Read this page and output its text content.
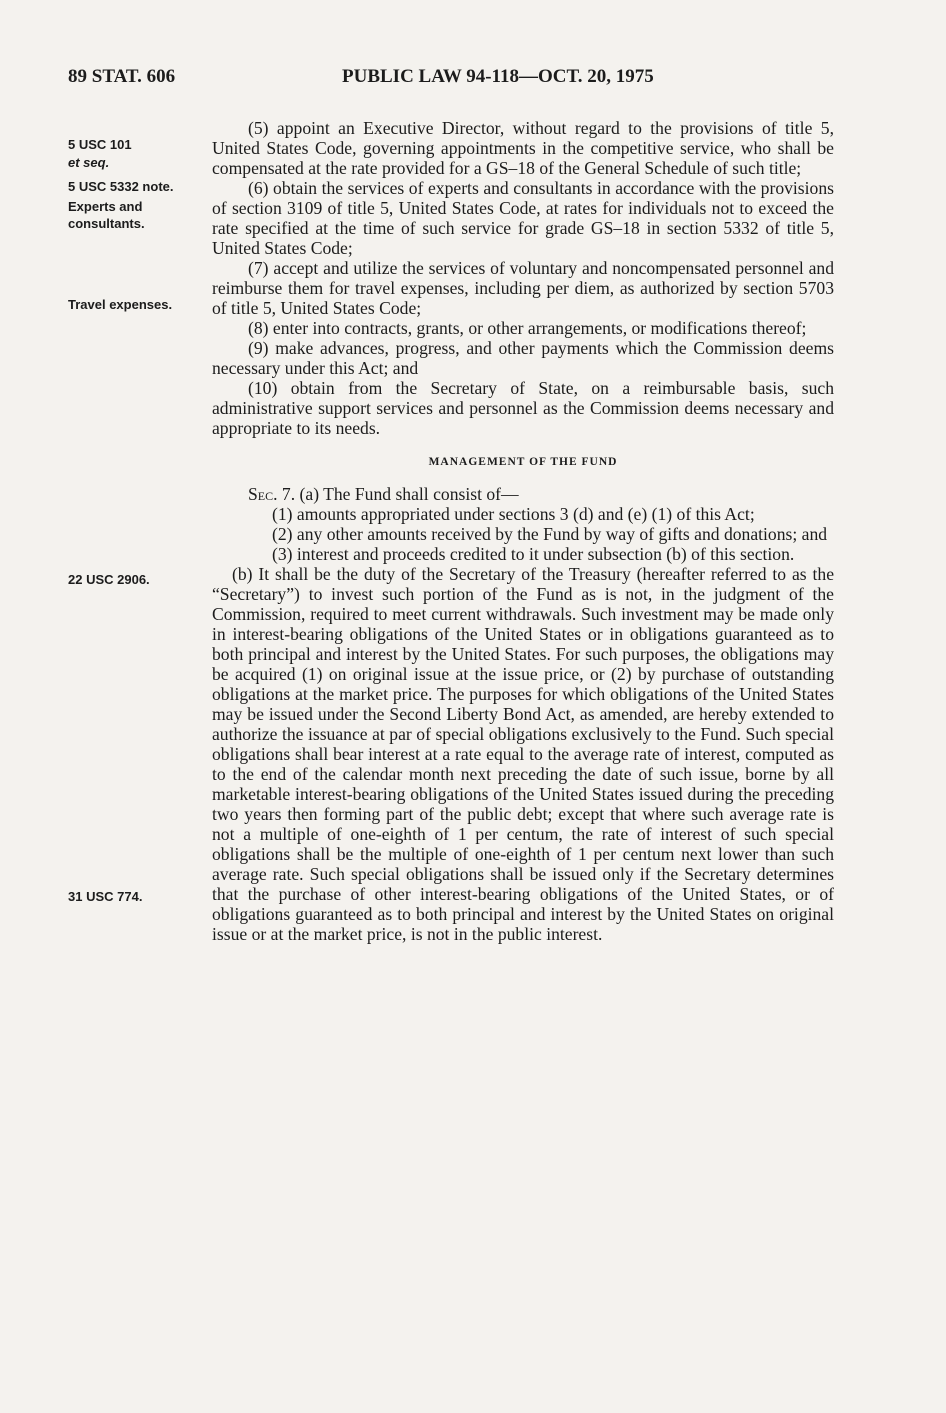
89 STAT. 606	PUBLIC LAW 94-118—OCT. 20, 1975
5 USC 101
et seq.
5 USC 5332 note.
Experts and
consultants.
Travel expenses.
22 USC 2906.
31 USC 774.

(5) appoint an Executive Director, without regard to the provisions of title 5, United States Code, governing appointments in the competitive service, who shall be compensated at the rate provided for a GS–18 of the General Schedule of such title;

(6) obtain the services of experts and consultants in accordance with the provisions of section 3109 of title 5, United States Code, at rates for individuals not to exceed the rate specified at the time of such service for grade GS–18 in section 5332 of title 5, United States Code;

(7) accept and utilize the services of voluntary and noncompensated personnel and reimburse them for travel expenses, including per diem, as authorized by section 5703 of title 5, United States Code;

(8) enter into contracts, grants, or other arrangements, or modifications thereof;

(9) make advances, progress, and other payments which the Commission deems necessary under this Act; and

(10) obtain from the Secretary of State, on a reimbursable basis, such administrative support services and personnel as the Commission deems necessary and appropriate to its needs.

MANAGEMENT OF THE FUND

Sec. 7. (a) The Fund shall consist of—

(1) amounts appropriated under sections 3 (d) and (e) (1) of this Act;

(2) any other amounts received by the Fund by way of gifts and donations; and

(3) interest and proceeds credited to it under subsection (b) of this section.

(b) It shall be the duty of the Secretary of the Treasury (hereafter referred to as the “Secretary”) to invest such portion of the Fund as is not, in the judgment of the Commission, required to meet current withdrawals. Such investment may be made only in interest-bearing obligations of the United States or in obligations guaranteed as to both principal and interest by the United States. For such purposes, the obligations may be acquired (1) on original issue at the issue price, or (2) by purchase of outstanding obligations at the market price. The purposes for which obligations of the United States may be issued under the Second Liberty Bond Act, as amended, are hereby extended to authorize the issuance at par of special obligations exclusively to the Fund. Such special obligations shall bear interest at a rate equal to the average rate of interest, computed as to the end of the calendar month next preceding the date of such issue, borne by all marketable interest-bearing obligations of the United States issued during the preceding two years then forming part of the public debt; except that where such average rate is not a multiple of one-eighth of 1 per centum, the rate of interest of such special obligations shall be the multiple of one-eighth of 1 per centum next lower than such average rate. Such special obligations shall be issued only if the Secretary determines that the purchase of other interest-bearing obligations of the United States, or of obligations guaranteed as to both principal and interest by the United States on original issue or at the market price, is not in the public interest.
